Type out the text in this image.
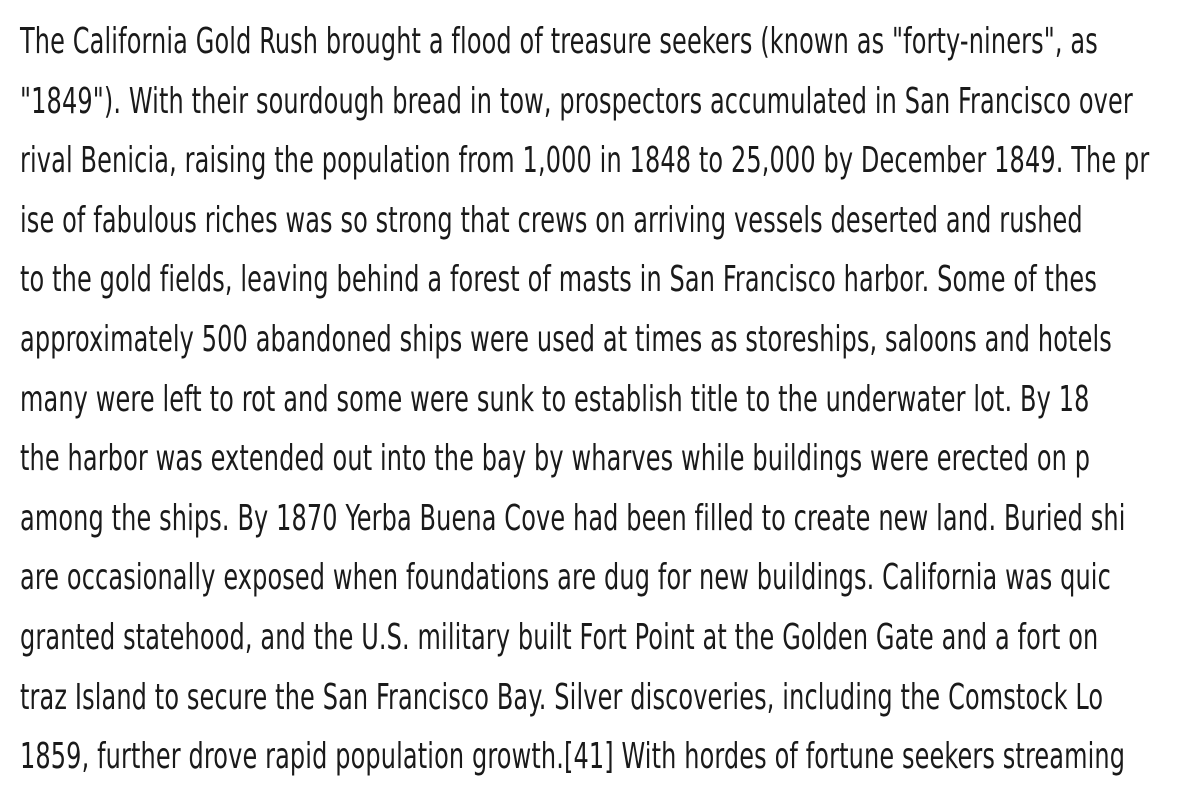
The California Gold Rush brought a flood of treasure seekers (known as "forty-niners", as
"1849"). With their sourdough bread in tow, prospectors accumulated in San Francisco over
rival Benicia, raising the population from 1,000 in 1848 to 25,000 by December 1849. The pr
ise of fabulous riches was so strong that crews on arriving vessels deserted and rushed
to the gold fields, leaving behind a forest of masts in San Francisco harbor. Some of thes
approximately 500 abandoned ships were used at times as storeships, saloons and hotels
many were left to rot and some were sunk to establish title to the underwater lot. By 18
the harbor was extended out into the bay by wharves while buildings were erected on p
among the ships. By 1870 Yerba Buena Cove had been filled to create new land. Buried shi
are occasionally exposed when foundations are dug for new buildings. California was quic
granted statehood, and the U.S. military built Fort Point at the Golden Gate and a fort on
traz Island to secure the San Francisco Bay. Silver discoveries, including the Comstock Lo
1859, further drove rapid population growth.[41] With hordes of fortune seekers streaming
